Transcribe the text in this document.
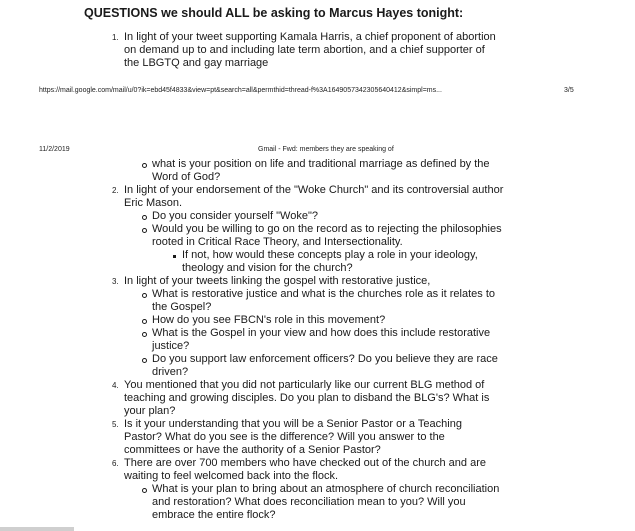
QUESTIONS we should ALL be asking to Marcus Hayes tonight:
1. In light of your tweet supporting Kamala Harris, a chief proponent of abortion
on demand up to and including late term abortion, and a chief supporter of
the LBGTQ and gay marriage
https://mail.google.com/mail/u/0?ik=ebd45f4833&view=pt&search=all&permthid=thread-f%3A1649057342305640412&simpl=ms...	3/5
11/2/2019	Gmail - Fwd: members they are speaking of
what is your position on life and traditional marriage as defined by the
Word of God?
2. In light of your endorsement of the "Woke Church" and its controversial author
Eric Mason.
Do you consider yourself "Woke"?
Would you be willing to go on the record as to rejecting the philosophies
rooted in Critical Race Theory, and Intersectionality.
If not, how would these concepts play a role in your ideology,
theology and vision for the church?
3. In light of your tweets linking the gospel with restorative justice,
What is restorative justice and what is the churches role as it relates to
the Gospel?
How do you see FBCN's role in this movement?
What is the Gospel in your view and how does this include restorative
justice?
Do you support law enforcement officers? Do you believe they are race
driven?
4. You mentioned that you did not particularly like our current BLG method of
teaching and growing disciples. Do you plan to disband the BLG's? What is
your plan?
5. Is it your understanding that you will be a Senior Pastor or a Teaching
Pastor? What do you see is the difference? Will you answer to the
committees or have the authority of a Senior Pastor?
6. There are over 700 members who have checked out of the church and are
waiting to feel welcomed back into the flock.
What is your plan to bring about an atmosphere of church reconciliation
and restoration? What does reconciliation mean to you? Will you
embrace the entire flock?
